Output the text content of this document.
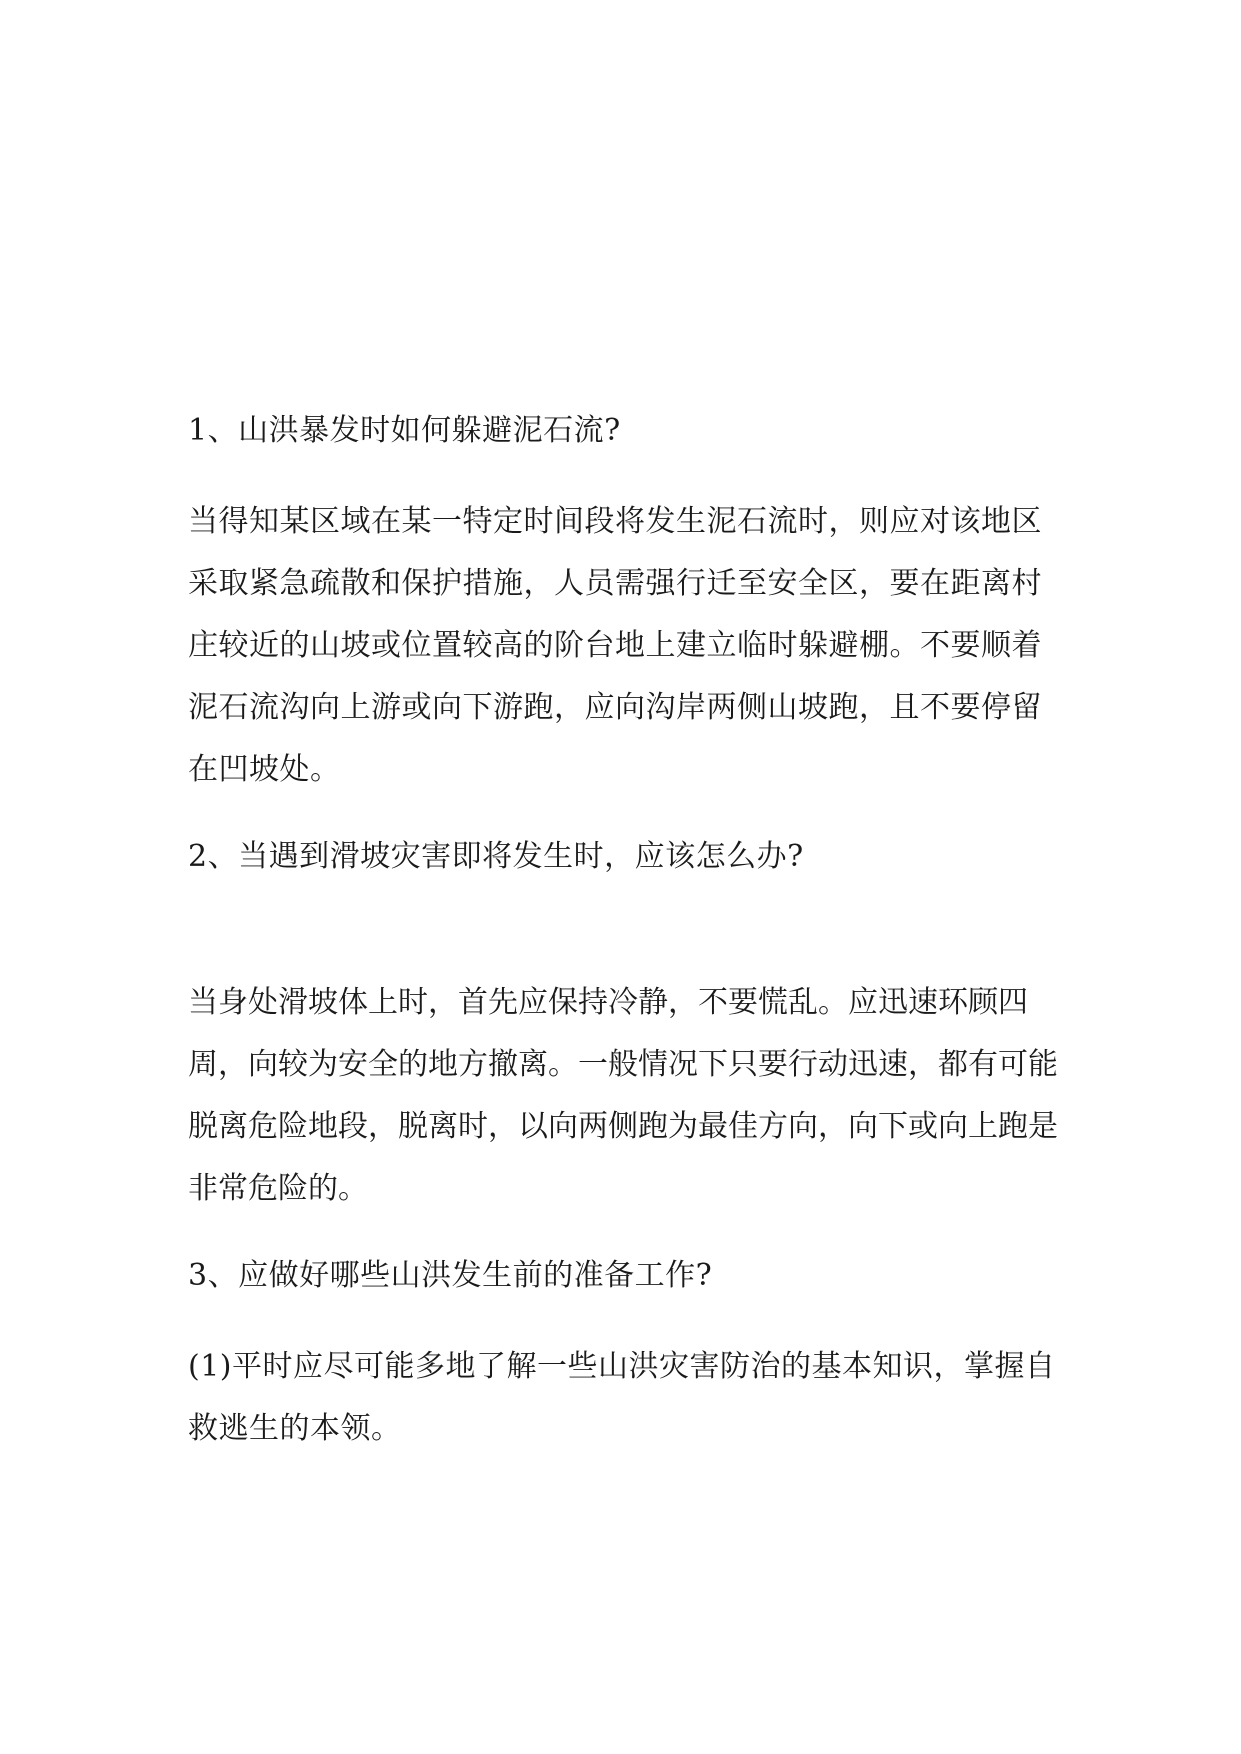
1、山洪暴发时如何躲避泥石流?
当得知某区域在某一特定时间段将发生泥石流时，则应对该地区采取紧急疏散和保护措施，人员需强行迁至安全区，要在距离村庄较近的山坡或位置较高的阶台地上建立临时躲避棚。不要顺着泥石流沟向上游或向下游跑，应向沟岸两侧山坡跑，且不要停留在凹坡处。
2、当遇到滑坡灾害即将发生时，应该怎么办?
当身处滑坡体上时，首先应保持冷静，不要慌乱。应迅速环顾四周，向较为安全的地方撤离。一般情况下只要行动迅速，都有可能脱离危险地段，脱离时，以向两侧跑为最佳方向，向下或向上跑是非常危险的。
3、应做好哪些山洪发生前的准备工作?
(1)平时应尽可能多地了解一些山洪灾害防治的基本知识，掌握自救逃生的本领。
